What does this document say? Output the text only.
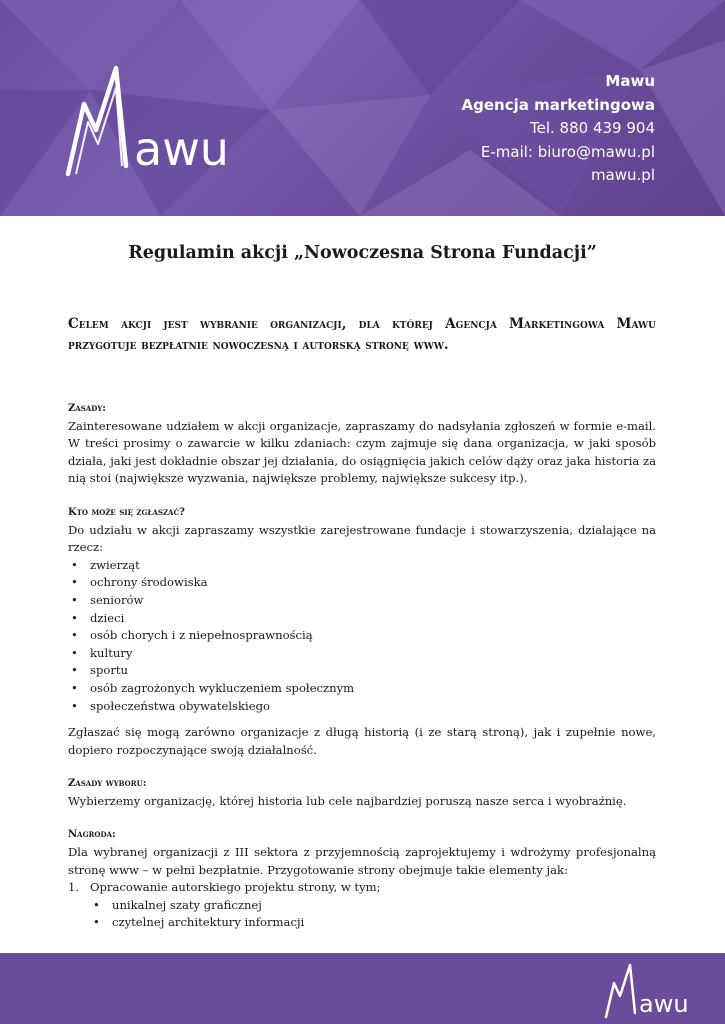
awu
Mawu
Agencja marketingowa
Tel. 880 439 904
E-mail: biuro@mawu.pl
mawu.pl
Regulamin akcji „Nowoczesna Strona Fundacji”
Celem akcji jest wybranie organizacji, dla której Agencja Marketingowa Mawu przygotuje bezpłatnie nowoczesną i autorską stronę www.

Zasady:

Zainteresowane udziałem w akcji organizacje, zapraszamy do nadsyłania zgłoszeń w formie e-mail. W treści prosimy o zawarcie w kilku zdaniach: czym zajmuje się dana organizacja, w jaki sposób działa, jaki jest dokładnie obszar jej działania, do osiągnięcia jakich celów dąży oraz jaka historia za nią stoi (największe wyzwania, największe problemy, największe sukcesy itp.).

Kto może się zgłaszać?

Do udziału w akcji zapraszamy wszystkie zarejestrowane fundacje i stowarzyszenia, działające na rzecz:

• zwierząt
• ochrony środowiska
• seniorów
• dzieci
• osób chorych i z niepełnosprawnością
• kultury
• sportu
• osób zagrożonych wykluczeniem społecznym
• społeczeństwa obywatelskiego

Zgłaszać się mogą zarówno organizacje z długą historią (i ze starą stroną), jak i zupełnie nowe, dopiero rozpoczynające swoją działalność.

Zasady wyboru:

Wybierzemy organizację, której historia lub cele najbardziej poruszą nasze serca i wyobraźnię.

Nagroda:

Dla wybranej organizacji z III sektora z przyjemnością zaprojektujemy i wdrożymy profesjonalną stronę www – w pełni bezpłatnie. Przygotowanie strony obejmuje takie elementy jak:

1. Opracowanie autorskiego projektu strony, w tym;
• unikalnej szaty graficznej
• czytelnej architektury informacji
awu
